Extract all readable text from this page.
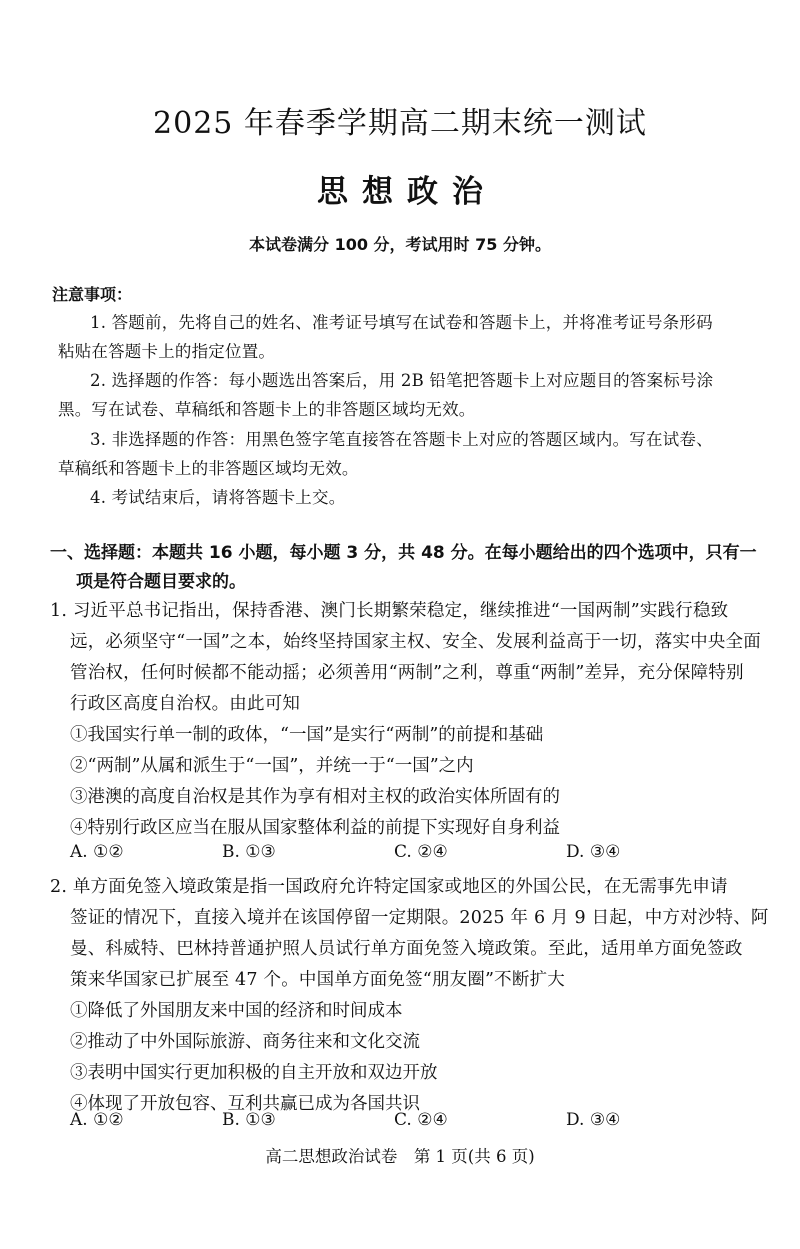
2025 年春季学期高二期末统一测试
思想政治
本试卷满分 100 分，考试用时 75 分钟。
注意事项：
1. 答题前，先将自己的姓名、准考证号填写在试卷和答题卡上，并将准考证号条形码
粘贴在答题卡上的指定位置。
2. 选择题的作答：每小题选出答案后，用 2B 铅笔把答题卡上对应题目的答案标号涂
黑。写在试卷、草稿纸和答题卡上的非答题区域均无效。
3. 非选择题的作答：用黑色签字笔直接答在答题卡上对应的答题区域内。写在试卷、
草稿纸和答题卡上的非答题区域均无效。
4. 考试结束后，请将答题卡上交。
一、选择题：本题共 16 小题，每小题 3 分，共 48 分。在每小题给出的四个选项中，只有一
项是符合题目要求的。
1. 习近平总书记指出，保持香港、澳门长期繁荣稳定，继续推进“一国两制”实践行稳致
远，必须坚守“一国”之本，始终坚持国家主权、安全、发展利益高于一切，落实中央全面
管治权，任何时候都不能动摇；必须善用“两制”之利，尊重“两制”差异，充分保障特别
行政区高度自治权。由此可知
①我国实行单一制的政体，“一国”是实行“两制”的前提和基础
②“两制”从属和派生于“一国”，并统一于“一国”之内
③港澳的高度自治权是其作为享有相对主权的政治实体所固有的
④特别行政区应当在服从国家整体利益的前提下实现好自身利益
A. ①②	B. ①③	C. ②④	D. ③④
2. 单方面免签入境政策是指一国政府允许特定国家或地区的外国公民，在无需事先申请
签证的情况下，直接入境并在该国停留一定期限。2025 年 6 月 9 日起，中方对沙特、阿
曼、科威特、巴林持普通护照人员试行单方面免签入境政策。至此，适用单方面免签政
策来华国家已扩展至 47 个。中国单方面免签“朋友圈”不断扩大
①降低了外国朋友来中国的经济和时间成本
②推动了中外国际旅游、商务往来和文化交流
③表明中国实行更加积极的自主开放和双边开放
④体现了开放包容、互利共赢已成为各国共识
A. ①②	B. ①③	C. ②④	D. ③④
高二思想政治试卷　第 1 页(共 6 页)
